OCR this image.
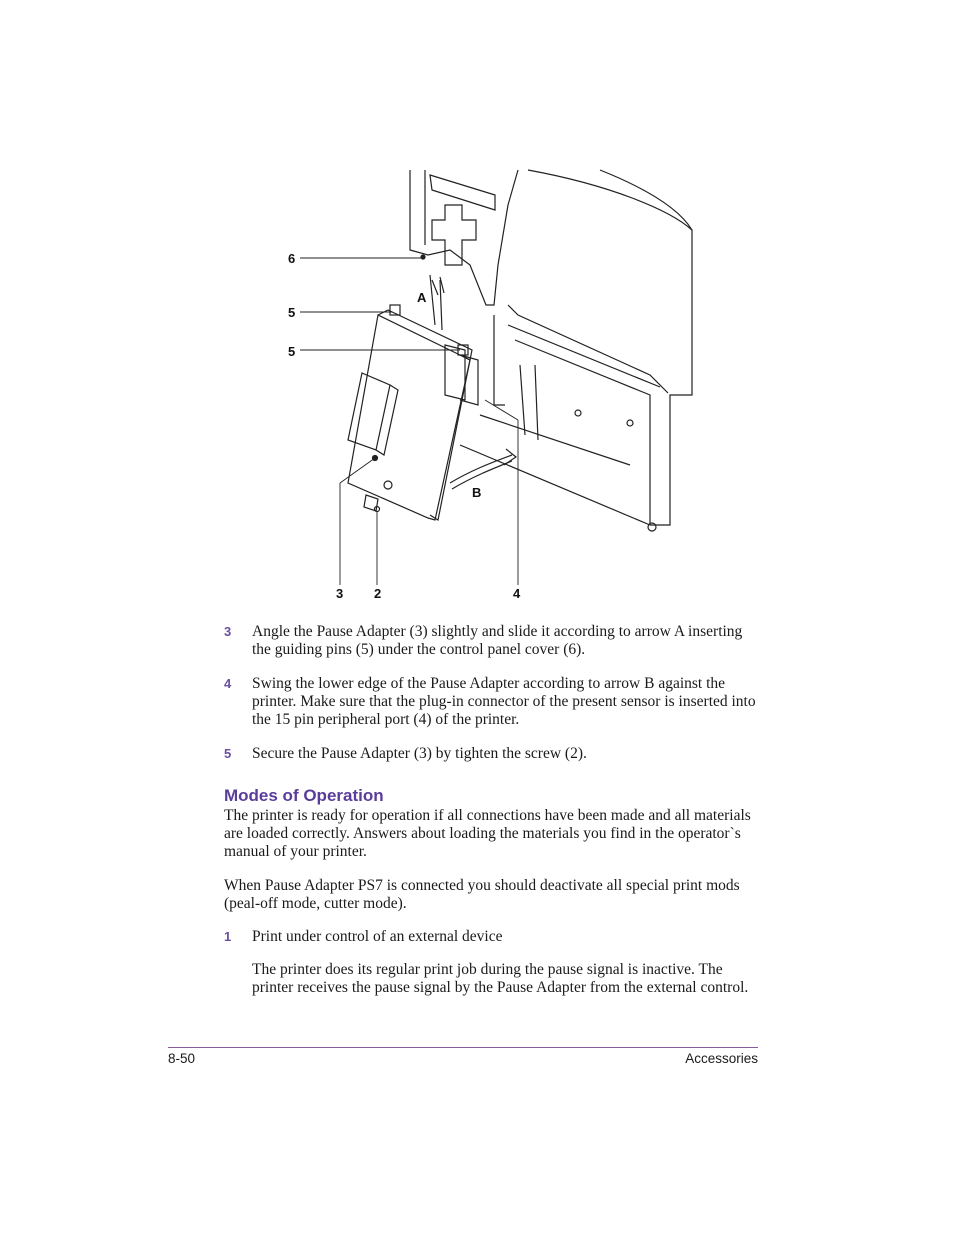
6
5
5
A
B
3 2	4
3	Angle the Pause Adapter (3) slightly and slide it according to arrow A inserting the guiding pins (5) under the control panel cover (6).
4	Swing the lower edge of the Pause Adapter according to arrow B against the printer. Make sure that the plug-in connector of the present sensor is inserted into the 15 pin peripheral port (4) of the printer.
5	Secure the Pause Adapter (3) by tighten the screw (2).
Modes of Operation
The printer is ready for operation if all connections have been made and all materials are loaded correctly. Answers about loading the materials you find in the operator`s manual of your printer.
When Pause Adapter PS7 is connected you should deactivate all special print mods (peal-off mode, cutter mode).
1	Print under control of an external device
The printer does its regular print job during the pause signal is inactive. The printer receives the pause signal by the Pause Adapter from the external control.
8-50	Accessories
